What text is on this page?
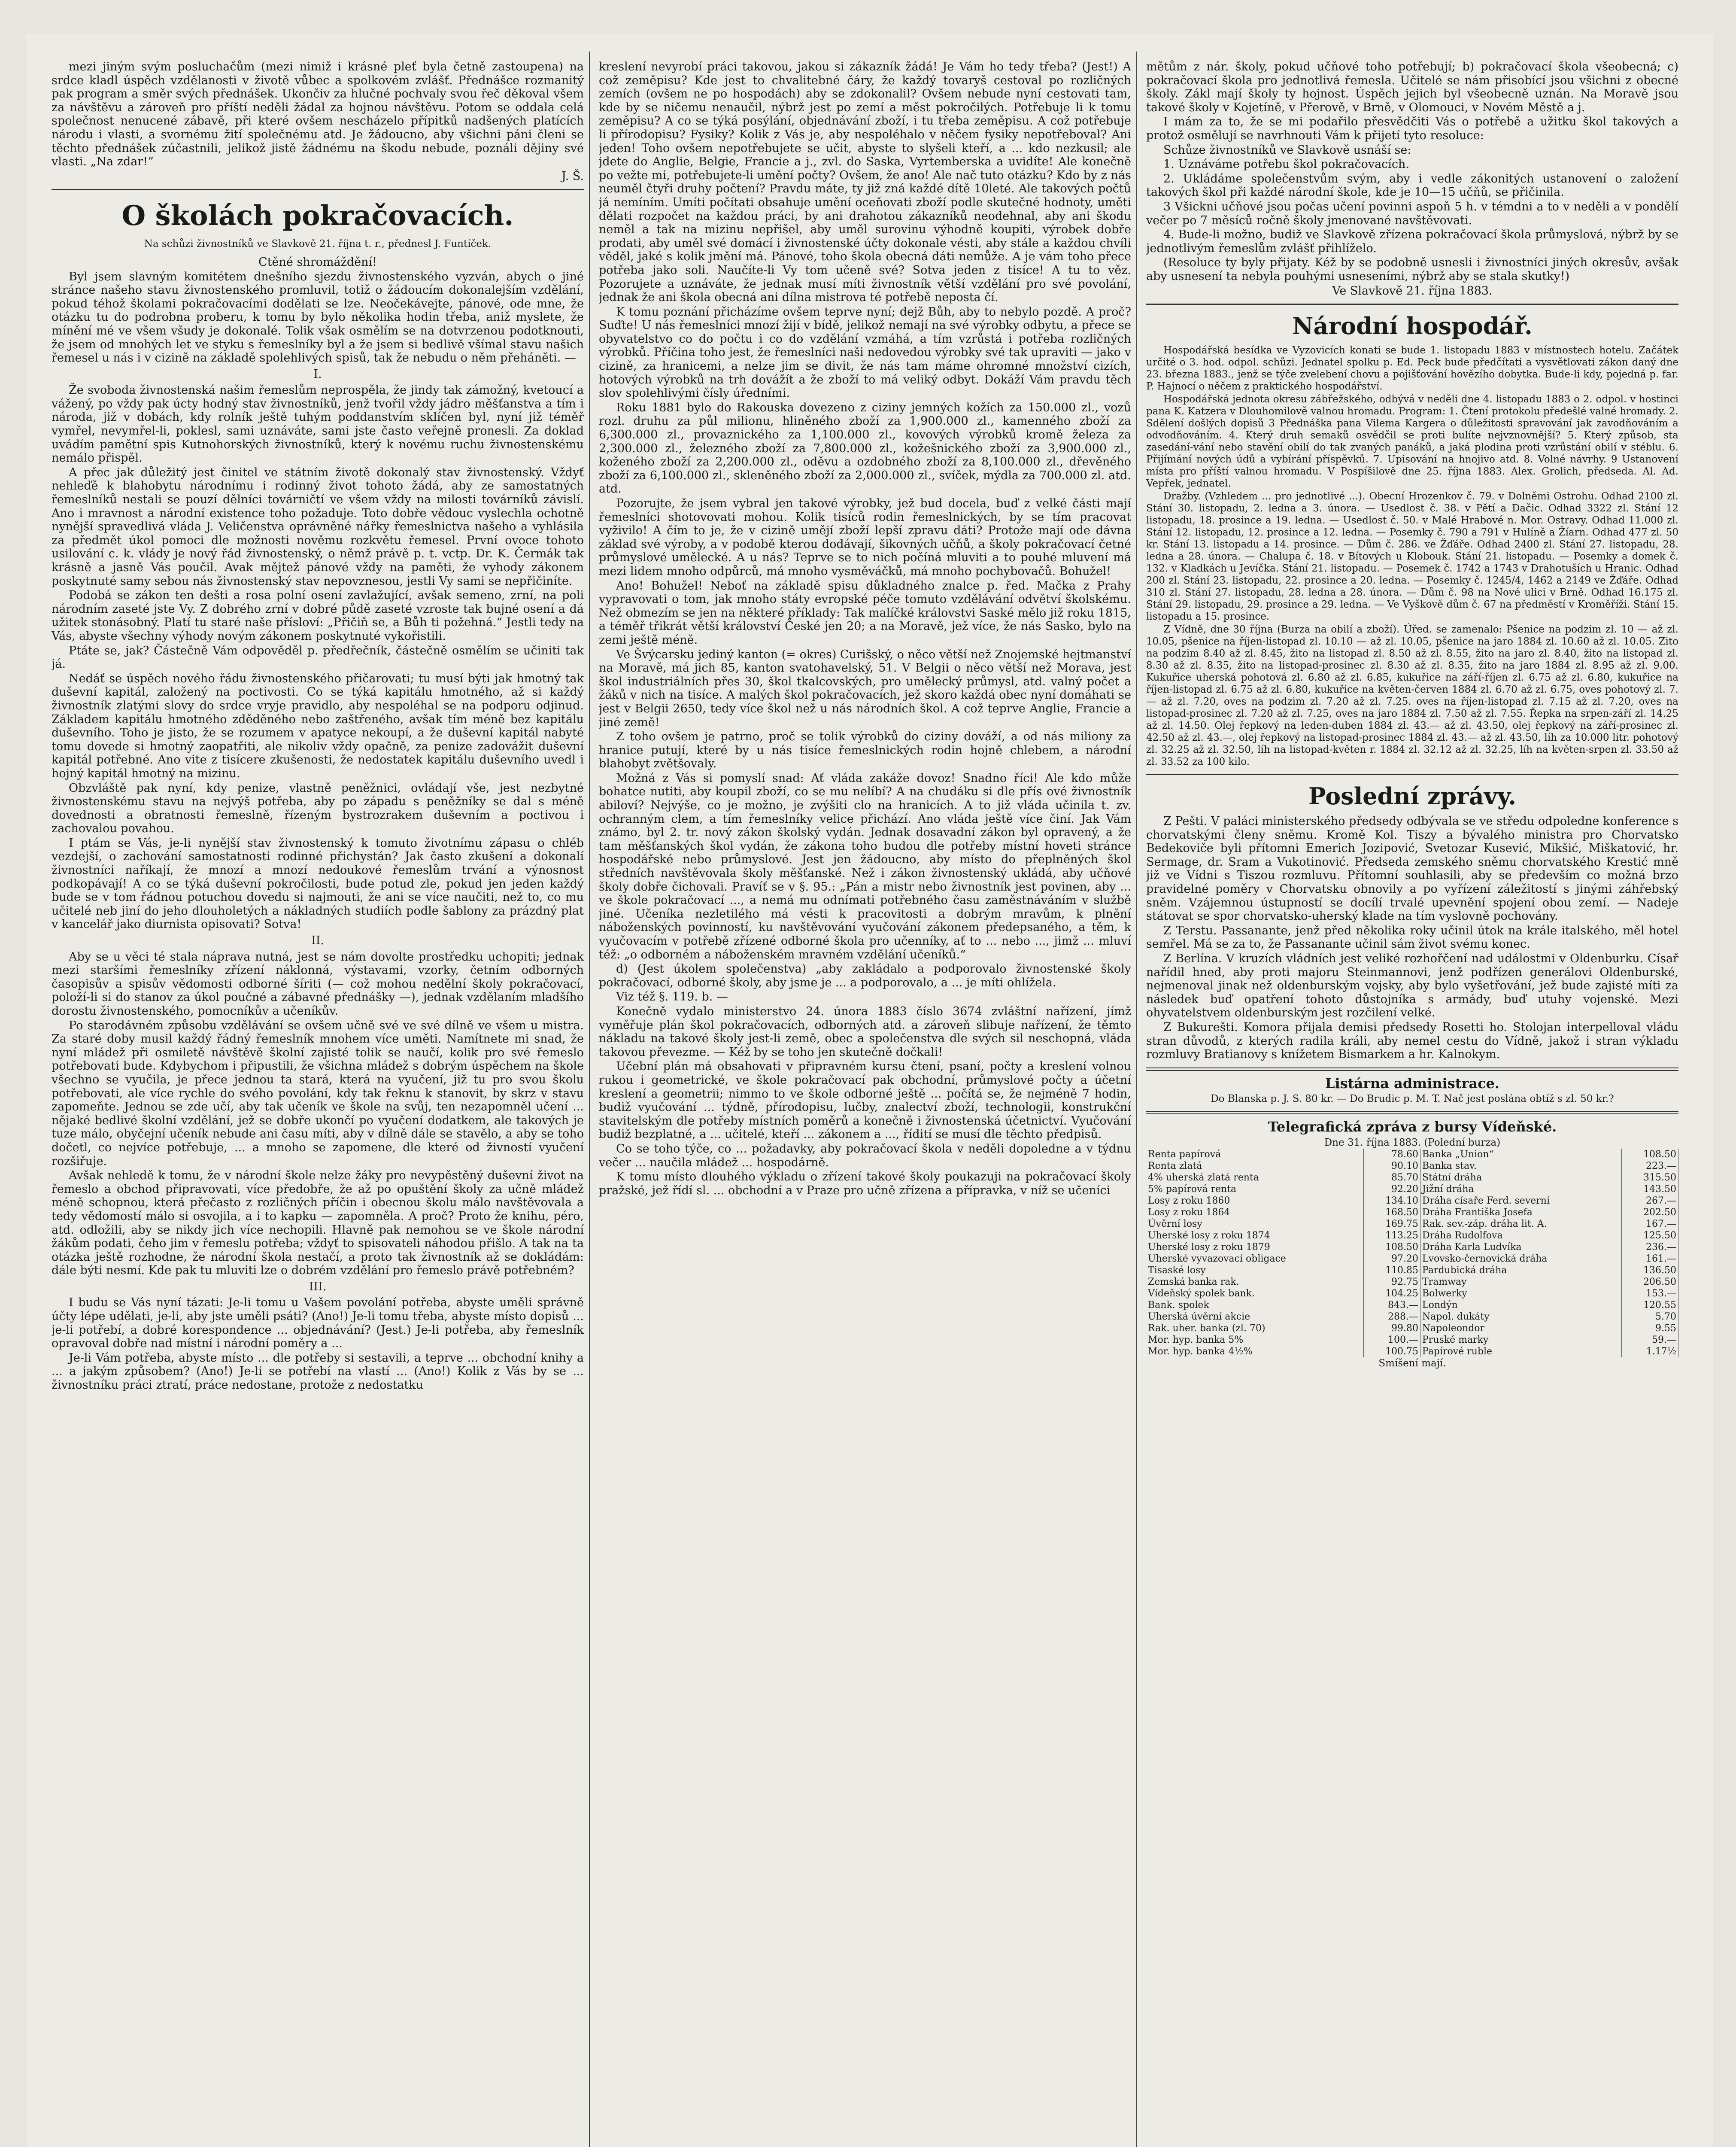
mezi jiným svým posluchačům (mezi nimiž i krásné pleť byla četně zastoupena) na srdce kladl úspěch vzdělanosti v životě vůbec a spolkovém zvlášť. Přednášce rozmanitý pak program a směr svých přednášek. Ukončiv za hlučné pochvaly svou řeč děkoval všem za návštěvu a zároveň pro příští neděli žádal za hojnou návštěvu. Potom se oddala celá společnost nenucené zábavě, při které ovšem nescházelo přípitků nadšených platících národu i vlasti, a svornému žití společnému atd. Je žádoucno, aby všichni páni členi se těchto přednášek zúčastnili, jelikož jistě žádnému na škodu nebude, poználi dějiny své vlasti. „Na zdar!“

J. Š.

O školách pokračovacích.
Na schůzi živnostníků ve Slavkově 21. října t. r., přednesl J. Funtíček.

Ctěné shromáždění!

Byl jsem slavným komitétem dnešního sjezdu živnostenského vyzván, abych o jiné stránce našeho stavu živnostenského promluvil, totiž o žádoucím dokonalejším vzdělání, pokud téhož školami pokračovacími dodělati se lze. Neočekávejte, pánové, ode mne, že otázku tu do podrobna proberu, k tomu by bylo několika hodin třeba, aniž myslete, že mínění mé ve všem všudy je dokonalé. Tolik však osmělím se na dotvrzenou podotknouti, že jsem od mnohých let ve styku s řemeslníky byl a že jsem si bedlivě všímal stavu našich řemesel u nás i v cizině na základě spolehlivých spisů, tak že nebudu o něm přeháněti. —

I.

Že svoboda živnostenská našim řemeslům neprospěla, že jindy tak zámožný, kvetoucí a vážený, po vždy pak úcty hodný stav živnostníků, jenž tvořil vždy jádro měšťanstva a tím i národa, již v dobách, kdy rolník ještě tuhým poddanstvím sklíčen byl, nyní již téměř vymřel, nevymřel-li, poklesl, sami uznáváte, sami jste často veřejně pronesli. Za doklad uvádím pamětní spis Kutnohorských živnostníků, který k novému ruchu živnostenskému nemálo přispěl.

A přec jak důležitý jest činitel ve státním životě dokonalý stav živnostenský. Vždyť nehleďě k blahobytu národnímu i rodinný život tohoto žádá, aby ze samostatných řemeslníků nestali se pouzí dělníci továrničtí ve všem vždy na milosti továrníků závislí. Ano i mravnost a národní existence toho požaduje. Toto dobře vědouc vyslechla ochotně nynější spravedlivá vláda J. Veličenstva oprávněné nářky řemeslnictva našeho a vyhlásila za předmět úkol pomoci dle možnosti nověmu rozkvětu řemesel. První ovoce tohoto usilování c. k. vlády je nový řád živnostenský, o němž právě p. t. vctp. Dr. K. Čermák tak krásně a jasně Vás poučil. Avak mějtež pánové vždy na paměti, že vyhody zákonem poskytnuté samy sebou nás živnostenský stav nepovznesou, jestli Vy sami se nepřičiníte.

Podobá se zákon ten dešti a rosa polní osení zavlažující, avšak semeno, zrní, na poli národním zaseté jste Vy. Z dobrého zrní v dobré půdě zaseté vzroste tak bujné osení a dá užitek stonásobný. Platí tu staré naše přísloví: „Přičiň se, a Bůh ti požehná.“ Jestli tedy na Vás, abyste všechny výhody novým zákonem poskytnuté vykořistili.

Ptáte se, jak? Částečně Vám odpověděl p. předřečník, částečně osmělím se učiniti tak já.

Nedáť se úspěch nového řádu živnostenského přičarovati; tu musí býti jak hmotný tak duševní kapitál, založený na poctivosti. Co se týká kapitálu hmotného, až si každý živnostník zlatými slovy do srdce vryje pravidlo, aby nespoléhal se na podporu odjinud. Základem kapitálu hmotného zděděného nebo zaštřeného, avšak tím méně bez kapitálu duševního. Toho je jisto, že se rozumem v apatyce nekoupí, a že duševní kapitál nabyté tomu dovede si hmotný zaopatřiti, ale nikoliv vždy opačně, za penize zadovážit duševní kapitál potřebné. Ano vite z tisícere zkušenosti, že nedostatek kapitálu duševního uvedl i hojný kapitál hmotný na mizinu.

Obzvláště pak nyní, kdy penize, vlastně peněžnici, ovládají vše, jest nezbytné živnostenskému stavu na nejvýš potřeba, aby po západu s peněžníky se dal s méně dovednosti a obratnosti řemeslně, řízeným bystrozrakem duševním a poctivou i zachovalou povahou.

I ptám se Vás, je-li nynější stav živnostenský k tomuto životnímu zápasu o chléb vezdejší, o zachování samostatnosti rodinné přichystán? Jak často zkušení a dokonalí živnostníci naříkají, že mnozí a mnozí nedoukové řemeslům trvání a výnosnost podkopávají! A co se týká duševní pokročilosti, bude potud zle, pokud jen jeden každý bude se v tom řádnou potuchou dovedu si najmouti, že ani se více naučiti, než to, co mu učitelé neb jiní do jeho dlouholetých a nákladných studiích podle šablony za prázdný plat v kancelář jako diurnista opisovati? Sotva!

II.

Aby se u věci té stala náprava nutná, jest se nám dovolte prostředku uchopiti; jednak mezi staršími řemeslníky zřízení náklonná, výstavami, vzorky, četním odborných časopisův a spisův vědomosti odborné šíriti (— což mohou nedělní školy pokračovací, položí-li si do stanov za úkol poučné a zábavné přednášky —), jednak vzdělaním mladšího dorostu živnostenského, pomocníkův a učeníkův.

Po starodávném způsobu vzdělávání se ovšem učně své ve své dílně ve všem u mistra. Za staré doby musil každý řádný řemeslník mnohem více uměti. Namítnete mi snad, že nyní mládež při osmiletě návštěvě školní zajisté tolik se naučí, kolik pro své řemeslo potřebovati bude. Kdybychom i připustili, že všichna mládež s dobrým úspěchem na škole všechno se vyučila, je přece jednou ta stará, která na vyučení, již tu pro svou školu potřebovati, ale více rychle do svého povolání, kdy tak řeknu k stanovit, by skrz v stavu zapomeňte. Jednou se zde učí, aby tak učeník ve škole na svůj, ten nezapomněl učení ... nějaké bedlivé školní vzdělání, jež se dobře ukončí po vyučení dodatkem, ale takových je tuze málo, obyčejní učeník nebude ani času míti, aby v dílně dále se stavělo, a aby se toho dočetl, co nejvíce potřebuje, ... a mnoho se zapomene, dle které od živností vyučení rozšiřuje.

Avšak nehledě k tomu, že v národní škole nelze žáky pro nevypěstěný duševní život na řemeslo a obchod připravovati, více předobře, že až po opuštění školy za učně mládež méně schopnou, která přečasto z rozličných příčin i obecnou školu málo navštěvovala a tedy vědomostí málo si osvojila, a i to kapku — zapomněla. A proč? Proto že knihu, péro, atd. odložili, aby se nikdy jich více nechopili. Hlavně pak nemohou se ve škole národní žákům podati, čeho jim v řemeslu potřeba; vždyť to spisovateli náhodou přišlo. A tak na ta otázka ještě rozhodne, že národní škola nestačí, a proto tak živnostník až se dokládám: dále býti nesmí. Kde pak tu mluviti lze o dobrém vzdělání pro řemeslo právě potřebném?

III.

I budu se Vás nyní tázati: Je-li tomu u Vašem povolání potřeba, abyste uměli správně účty lépe udělati, je-li, aby jste uměli psáti? (Ano!) Je-li tomu třeba, abyste místo dopisů ... je-li potřebí, a dobré korespondence ... objednávání? (Jest.) Je-li potřeba, aby řemeslník opravoval dobře nad místní i národní poměry a ...

Je-li Vám potřeba, abyste místo ... dle potřeby si sestavili, a teprve ... obchodní knihy a ... a jakým způsobem? (Ano!) Je-li se potřebí na vlastí ... (Ano!) Kolik z Vás by se ... živnostníku práci ztratí, práce nedostane, protože z nedostatku

kreslení nevyrobí práci takovou, jakou si zákazník žádá! Je Vám ho tedy třeba? (Jest!) A což zeměpisu? Kde jest to chvalitebné čáry, že každý tovaryš cestoval po rozličných zemích (ovšem ne po hospodách) aby se zdokonalil? Ovšem nebude nyní cestovati tam, kde by se ničemu nenaučil, nýbrž jest po zemí a měst pokročilých. Potřebuje li k tomu zeměpisu? A co se týká posýlání, objednávání zboží, i tu třeba zeměpisu. A což potřebuje li přírodopisu? Fysiky? Kolik z Vás je, aby nespoléhalo v něčem fysiky nepotřeboval? Ani jeden! Toho ovšem nepotřebujete se učit, abyste to slyšeli kteří, a ... kdo nezkusil; ale jdete do Anglie, Belgie, Francie a j., zvl. do Saska, Vyrtemberska a uvidíte! Ale konečně po vežte mi, potřebujete-li umění počty? Ovšem, že ano! Ale nač tuto otázku? Kdo by z nás neuměl čtyři druhy počtení? Pravdu máte, ty již zná každé dítě 10leté. Ale takových počtů já nemíním. Umíti počítati obsahuje umění oceňovati zboží podle skutečné hodnoty, uměti dělati rozpočet na každou práci, by ani drahotou zákazníků neodehnal, aby ani škodu neměl a tak na mizinu nepřišel, aby uměl surovinu výhodně koupiti, výrobek dobře prodati, aby uměl své domácí i živnostenské účty dokonale vésti, aby stále a každou chvíli věděl, jaké s kolik jmění má. Pánové, toho škola obecná dáti nemůže. A je vám toho přece potřeba jako soli. Naučíte-li Vy tom učeně své? Sotva jeden z tisíce! A tu to věz. Pozorujete a uznáváte, že jednak musí míti živnostník větší vzdělání pro své povolání, jednak že ani škola obecná ani dílna mistrova té potřebě neposta čí.

K tomu poznání přicházíme ovšem teprve nyní; dejž Bůh, aby to nebylo pozdě. A proč? Suďte! U nás řemeslníci mnozí žijí v bídě, jelikož nemají na své výrobky odbytu, a přece se obyvatelstvo co do počtu i co do vzdělání vzmáhá, a tím vzrůstá i potřeba rozličných výrobků. Příčina toho jest, že řemeslníci naši nedovedou výrobky své tak upraviti — jako v cizině, za hranicemi, a nelze jim se divit, že nás tam máme ohromné množství cizích, hotových výrobků na trh dovážít a že zboží to má veliký odbyt. Dokáží Vám pravdu těch slov spolehlivými čísly úředními.

Roku 1881 bylo do Rakouska dovezeno z ciziny jemných kožích za 150.000 zl., vozů rozl. druhu za půl milionu, hliněného zboží za 1,900.000 zl., kamenného zboží za 6,300.000 zl., provaznického za 1,100.000 zl., kovových výrobků kromě železa za 2,300.000 zl., železného zboží za 7,800.000 zl., kožešnického zboží za 3,900.000 zl., koženého zboží za 2,200.000 zl., oděvu a ozdobného zboží za 8,100.000 zl., dřevěného zboží za 6,100.000 zl., skleněného zboží za 2,000.000 zl., svíček, mýdla za 700.000 zl. atd. atd.

Pozorujte, že jsem vybral jen takové výrobky, jež bud docela, buď z velké části mají řemeslníci shotovovati mohou. Kolik tisíců rodin řemeslnických, by se tím pracovat vyživilo! A čím to je, že v cizině umějí zboží lepší zpravu dáti? Protože mají ode dávna základ své výroby, a v podobě kterou dodávají, šikovných učňů, a školy pokračovací četné průmyslové umělecké. A u nás? Teprve se to nich počíná mluviti a to pouhé mluvení má mezi lidem mnoho odpůrců, má mnoho vysměváčků, má mnoho pochybovačů. Bohužel!

Ano! Bohužel! Neboť na základě spisu důkladného znalce p. řed. Mačka z Prahy vypravovati o tom, jak mnoho státy evropské péče tomuto vzdělávání odvětví školskému. Než obmezím se jen na některé příklady: Tak malíčké královstvi Saské mělo již roku 1815, a téměř třikrát větší království České jen 20; a na Moravě, jež více, že nás Sasko, bylo na zemi ještě méně.

Ve Švýcarsku jediný kanton (= okres) Curišský, o něco větší než Znojemské hejtmanství na Moravě, má jich 85, kanton svatohavelský, 51. V Belgii o něco větší než Morava, jest škol industriálních přes 30, škol tkalcovských, pro umělecký průmysl, atd. valný počet a žáků v nich na tisíce. A malých škol pokračovacích, jež skoro každá obec nyní domáhati se jest v Belgii 2650, tedy více škol než u nás národních škol. A což teprve Anglie, Francie a jiné země!

Z toho ovšem je patrno, proč se tolik výrobků do ciziny dováží, a od nás miliony za hranice putují, které by u nás tisíce řemeslnických rodin hojně chlebem, a národní blahobyt zvětšovaly.

Možná z Vás si pomyslí snad: Ať vláda zakáže dovoz! Snadno říci! Ale kdo může bohatce nutiti, aby koupil zboží, co se mu nelíbí? A na chudáku si dle přís ové živnostník abiloví? Nejvýše, co je možno, je zvýšiti clo na hranicích. A to již vláda učinila t. zv. ochranným clem, a tím řemeslníky velice přichází. Ano vláda ještě více činí. Jak Vám známo, byl 2. tr. nový zákon školský vydán. Jednak dosavadní zákon byl opravený, a že tam měšťanských škol vydán, že zákona toho budou dle potřeby místní hoveti stránce hospodářské nebo průmyslové. Jest jen žádoucno, aby místo do přeplněných škol středních navštěvovala školy měšťanské. Než i zákon živnostenský ukládá, aby učňové školy dobře čichovali. Pravíť se v §. 95.: „Pán a mistr nebo živnostník jest povinen, aby ... ve škole pokračovací ..., a nemá mu odnímati potřebného času zaměstnáváním v službě jiné. Učeníka nezletilého má vésti k pracovitosti a dobrým mravům, k plnění náboženských povinností, ku navštěvování vyučování zákonem předepsaného, a těm, k vyučovacím v potřebě zřízené odborné škola pro učenníky, ať to ... nebo ..., jimž ... mluví též: „o odborném a náboženském mravném vzdělání učeníků.“

d) (Jest úkolem společenstva) „aby zakládalo a podporovalo živnostenské školy pokračovací, odborné školy, aby jsme je ... a podporovalo, a ... je míti ohlížela.

Viz též §. 119. b. —

Konečně vydalo ministerstvo 24. února 1883 číslo 3674 zvláštní nařízení, jímž vyměřuje plán škol pokračovacích, odborných atd. a zároveň slibuje nařízení, že těmto nákladu na takové školy jest-li země, obec a společenstva dle svých sil neschopná, vláda takovou převezme. — Kéž by se toho jen skutečně dočkali!

Učební plán má obsahovati v připravném kursu čtení, psaní, počty a kreslení volnou rukou i geometrické, ve škole pokračovací pak obchodní, průmyslové počty a účetní kreslení a geometrii; nimmo to ve škole odborné ještě ... počítá se, že nejméně 7 hodin, budiž vyučování ... týdně, přírodopisu, lučby, znalectví zboží, technologii, konstrukční stavitelským dle potřeby místních poměrů a konečně i živnostenská účetnictví. Vyučování budiž bezplatné, a ... učitelé, kteří ... zákonem a ..., řídití se musí dle těchto předpisů.

Co se toho týče, co ... požadavky, aby pokračovací škola v neděli dopoledne a v týdnu večer ... naučila mládež ... hospodárně.

K tomu místo dlouhého výkladu o zřízení takové školy poukazuji na pokračovací školy pražské, jež řídí sl. ... obchodní a v Praze pro učně zřízena a přípravka, v níž se učeníci

mětům z nár. školy, pokud učňové toho potřebují; b) pokračovací škola všeobecná; c) pokračovací škola pro jednotlivá řemesla. Učitelé se nám přisobící jsou všichni z obecné školy. Zákl mají školy ty hojnost. Úspěch jejich byl všeobecně uznán. Na Moravě jsou takové školy v Kojetíně, v Přerově, v Brně, v Olomouci, v Novém Městě a j.

I mám za to, že se mi podařilo přesvědčiti Vás o potřebě a užitku škol takových a protož osmělují se navrhnouti Vám k přijetí tyto resoluce:

Schůze živnostníků ve Slavkově usnáší se:

1. Uznáváme potřebu škol pokračovacích.

2. Ukládáme společenstvům svým, aby i vedle zákonitých ustanovení o založení takových škol při každé národní škole, kde je 10—15 učňů, se přičinila.

3 Všickni učňové jsou počas učení povinni aspoň 5 h. v témdni a to v neděli a v pondělí večer po 7 měsíců ročně školy jmenované navštěvovati.

4. Bude-li možno, budiž ve Slavkově zřízena pokračovací škola průmyslová, nýbrž by se jednotlivým řemeslům zvlášť přihlíželo.

(Resoluce ty byly přijaty. Kéž by se podobně usnesli i živnostníci jiných okresův, avšak aby usnesení ta nebyla pouhými usneseními, nýbrž aby se stala skutky!)

Ve Slavkově 21. října 1883.

Národní hospodář.

Hospodářská besídka ve Vyzovicích konati se bude 1. listopadu 1883 v místnostech hotelu. Začátek určité o 3. hod. odpol. schůzi. Jednatel spolku p. Ed. Peck bude předčítati a vysvětlovati zákon daný dne 23. března 1883., jenž se týče zvelebení chovu a pojišťování hovězího dobytka. Bude-li kdy, pojedná p. far. P. Hajnocí o něčem z praktického hospodářství.

Hospodářská jednota okresu zábřežského, odbývá v neděli dne 4. listopadu 1883 o 2. odpol. v hostinci pana K. Katzera v Dlouhomilově valnou hromadu. Program: 1. Čtení protokolu předešlé valné hromady. 2. Sdělení došlých dopisů 3 Přednáška pana Vilema Kargera o důležitosti spravování jak zavodňováním a odvodňováním. 4. Který druh semaků osvědčil se proti bulíte nejvznovnější? 5. Který způsob, sta zasedání-vání nebo stavění obilí do tak zvaných panáků, a jaká plodina proti vzrůstání obilí v stéblu. 6. Přijímání nových údů a vybírání příspěvků. 7. Upisování na hnojivo atd. 8. Volné návrhy. 9 Ustanovení místa pro příští valnou hromadu. V Pospíšilově dne 25. října 1883. Alex. Grolich, předseda. Al. Ad. Vepřek, jednatel.

Dražby. (Vzhledem ... pro jednotlivé ...). Obecní Hrozenkov č. 79. v Dolněmi Ostrohu. Odhad 2100 zl. Stání 30. listopadu, 2. ledna a 3. února. — Usedlost č. 38. v Pětí a Dačic. Odhad 3322 zl. Stání 12 listopadu, 18. prosince a 19. ledna. — Usedlost č. 50. v Malé Hrabové n. Mor. Ostravy. Odhad 11.000 zl. Stání 12. listopadu, 12. prosince a 12. ledna. — Posemky č. 790 a 791 v Hulíně a Žíarn. Odhad 477 zl. 50 kr. Stání 13. listopadu a 14. prosince. — Dům č. 286. ve Žďáře. Odhad 2400 zl. Stání 27. listopadu, 28. ledna a 28. února. — Chalupa č. 18. v Bítových u Klobouk. Stání 21. listopadu. — Posemky a domek č. 132. v Kladkách u Jevíčka. Stání 21. listopadu. — Posemek č. 1742 a 1743 v Drahotuších u Hranic. Odhad 200 zl. Stání 23. listopadu, 22. prosince a 20. ledna. — Posemky č. 1245/4, 1462 a 2149 ve Žďáře. Odhad 310 zl. Stání 27. listopadu, 28. ledna a 28. února. — Dům č. 98 na Nové ulici v Brně. Odhad 16.175 zl. Stání 29. listopadu, 29. prosince a 29. ledna. — Ve Vyškově dům č. 67 na předměstí v Kroměříži. Stání 15. listopadu a 15. prosince.

Z Vídně, dne 30 října (Burza na obilí a zboží). Úřed. se zamenalo: Pšenice na podzim zl. 10 — až zl. 10.05, pšenice na říjen-listopad zl. 10.10 — až zl. 10.05, pšenice na jaro 1884 zl. 10.60 až zl. 10.05. Zito na podzim 8.40 až zl. 8.45, žito na listopad zl. 8.50 až zl. 8.55, žito na jaro zl. 8.40, žito na listopad zl. 8.30 až zl. 8.35, žito na listopad-prosinec zl. 8.30 až zl. 8.35, žito na jaro 1884 zl. 8.95 až zl. 9.00. Kukuřice uherská pohotová zl. 6.80 až zl. 6.85, kukuřice na září-říjen zl. 6.75 až zl. 6.80, kukuřice na říjen-listopad zl. 6.75 až zl. 6.80, kukuřice na květen-červen 1884 zl. 6.70 až zl. 6.75, oves pohotový zl. 7.— až zl. 7.20, oves na podzim zl. 7.20 až zl. 7.25. oves na říjen-listopad zl. 7.15 až zl. 7.20, oves na listopad-prosinec zl. 7.20 až zl. 7.25, oves na jaro 1884 zl. 7.50 až zl. 7.55. Řepka na srpen-září zl. 14.25 až zl. 14.50. Olej řepkový na leden-duben 1884 zl. 43.— až zl. 43.50, olej řepkový na září-prosinec zl. 42.50 až zl. 43.—, olej řepkový na listopad-prosinec 1884 zl. 43.— až zl. 43.50, líh za 10.000 litr. pohotový zl. 32.25 až zl. 32.50, líh na listopad-květen r. 1884 zl. 32.12 až zl. 32.25, líh na květen-srpen zl. 33.50 až zl. 33.52 za 100 kilo.

Poslední zprávy.

Z Pešti. V paláci ministerského předsedy odbývala se ve středu odpoledne konference s chorvatskými členy sněmu. Kromě Kol. Tiszy a bývalého ministra pro Chorvatsko Bedekoviče byli přítomni Emerich Jozipović, Svetozar Kusević, Mikšić, Miškatović, hr. Sermage, dr. Sram a Vukotinović. Předseda zemského sněmu chorvatského Krestić mně již ve Vídni s Tiszou rozmluvu. Přítomní souhlasili, aby se především co možná brzo pravidelné poměry v Chorvatsku obnovily a po vyřízení záležitostí s jinými záhřebský sněm. Vzájemnou ústupností se docílí trvalé upevnění spojení obou zemí. — Nadeje státovat se spor chorvatsko-uherský klade na tím vyslovně pochovány.

Z Terstu. Passanante, jenž před několika roky učinil útok na krále italského, měl hotel semřel. Má se za to, že Passanante učinil sám život svému konec.

Z Berlína. V kruzích vládních jest veliké rozhořčení nad událostmi v Oldenburku. Císař nařídil hned, aby proti majoru Steinmannovi, jenž podřízen generálovi Oldenburské, nejmenoval jinak než oldenburským vojsky, aby bylo vyšetřování, jež bude zajisté míti za následek buď opatření tohoto důstojníka s armády, buď utuhy vojenské. Mezi ohyvatelstvem oldenburským jest rozčilení velké.

Z Bukurešti. Komora přijala demisi předsedy Rosetti ho. Stolojan interpelloval vládu stran důvodů, z kterých radila králi, aby nemel cestu do Vídně, jakož i stran výkladu rozmluvy Bratianovy s knížetem Bismarkem a hr. Kalnokym.

Listárna administrace.

Do Blanska p. J. S. 80 kr. — Do Brudic p. M. T. Nač jest poslána obtíž s zl. 50 kr.?

Telegrafická zpráva z bursy Vídeňské.
Dne 31. října 1883. (Polední burza)
Renta papírová	78.60	Banka „Union“	108.50
Renta zlatá	90.10	Banka stav.	223.—
4% uherská zlatá renta	85.70	Státní dráha	315.50
5% papírová renta	92.20	Jižní dráha	143.50
Losy z roku 1860	134.10	Dráha císaře Ferd. severní	267.—
Losy z roku 1864	168.50	Dráha Františka Josefa	202.50
Úvěrní losy	169.75	Rak. sev.-záp. dráha lit. A.	167.—
Uherské losy z roku 1874	113.25	Dráha Rudolfova	125.50
Uherské losy z roku 1879	108.50	Dráha Karla Ludvíka	236.—
Uherské vyvazovací obligace	97.20	Lvovsko-černovická dráha	161.—
Tisaské losy	110.85	Pardubická dráha	136.50
Zemská banka rak.	92.75	Tramway	206.50
Vídeňský spolek bank.	104.25	Bolwerky	153.—
Bank. spolek	843.—	Londýn	120.55
Uherská úvěrní akcie	288.—	Napol. dukáty	5.70
Rak. uher. banka (zl. 70)	99.80	Napoleondor	9.55
Mor. hyp. banka 5%	100.—	Pruské marky	59.—
Mor. hyp. banka 4½%	100.75	Papírové ruble	1.17½
Smíšení mají.
